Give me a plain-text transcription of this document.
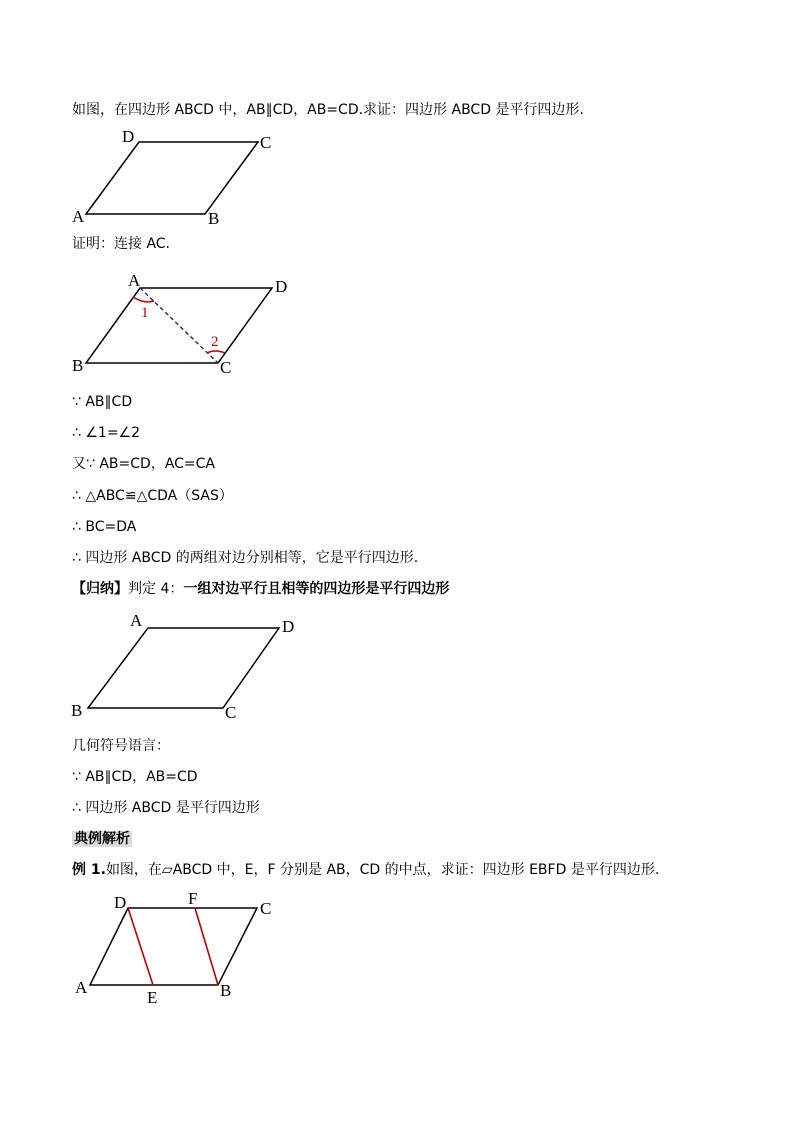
如图，在四边形 ABCD 中，AB∥CD，AB=CD.求证：四边形 ABCD 是平行四边形.
A	B
C
D
证明：连接 AC.
A	D
B	C
1
2
∵ AB∥CD
∴ ∠1=∠2
又∵ AB=CD，AC=CA
∴ △ABC≌△CDA（SAS）
∴ BC=DA
∴ 四边形 ABCD 的两组对边分别相等，它是平行四边形.
【归纳】判定 4：一组对边平行且相等的四边形是平行四边形
A	D
B	C
几何符号语言：
∵ AB∥CD，AB=CD
∴ 四边形 ABCD 是平行四边形
典例解析
例 1.如图，在▱ABCD 中，E，F 分别是 AB，CD 的中点，求证：四边形 EBFD 是平行四边形.
D	F
C
A
E	B
